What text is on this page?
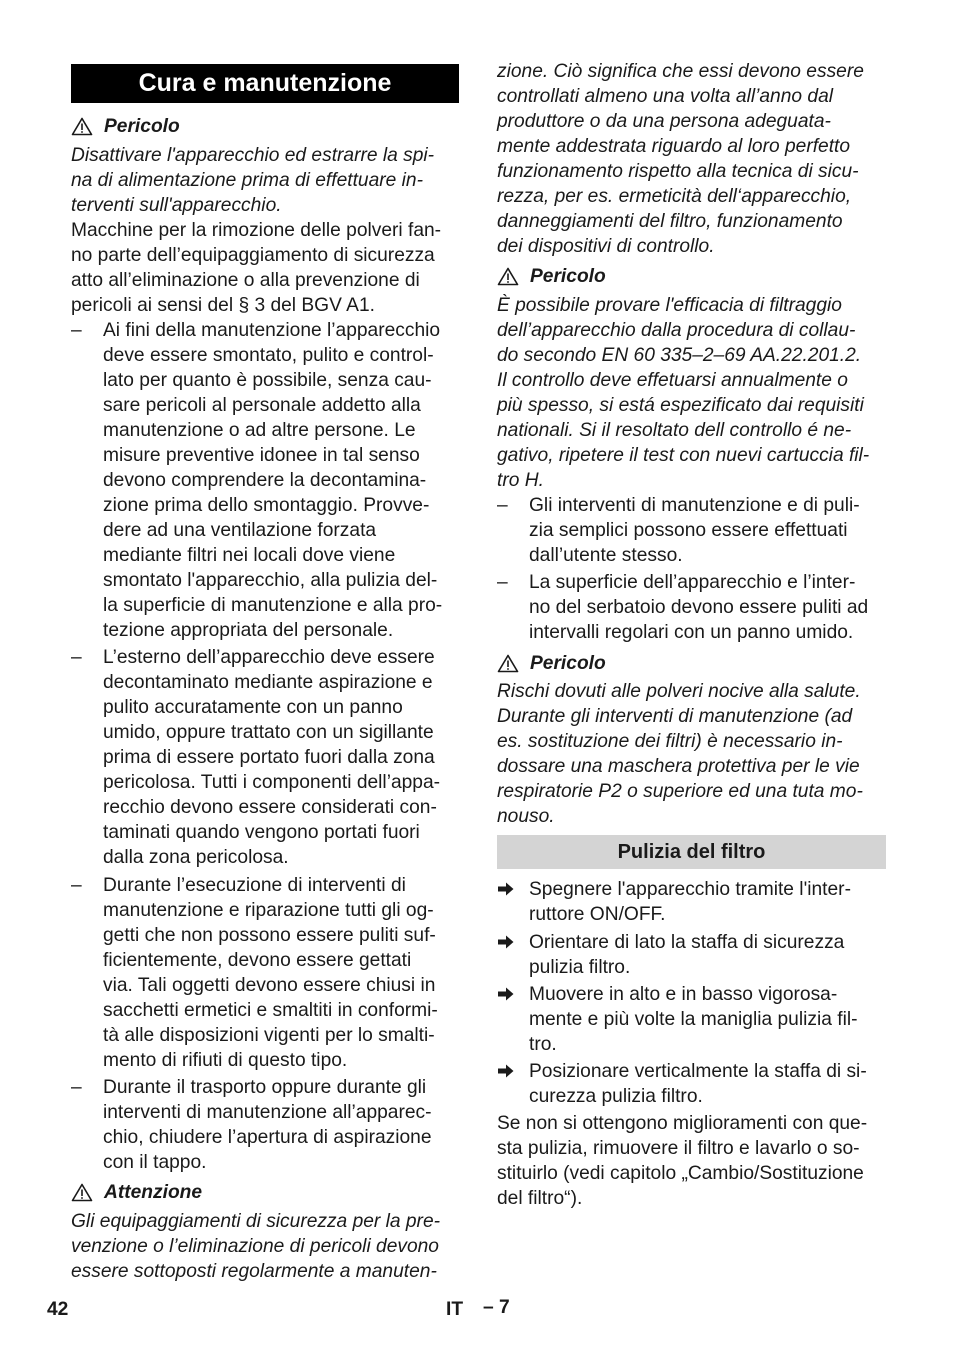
Cura e manutenzione
Pericolo

Disattivare l'apparecchio ed estrarre la spi-
na di alimentazione prima di effettuare in-
terventi sull'apparecchio.

Macchine per la rimozione delle polveri fan-
no parte dell’equipaggiamento di sicurezza
atto all’eliminazione o alla prevenzione di
pericoli ai sensi del § 3 del BGV A1.

– Ai fini della manutenzione l’apparecchio
deve essere smontato, pulito e control-
lato per quanto è possibile, senza cau-
sare pericoli al personale addetto alla
manutenzione o ad altre persone. Le
misure preventive idonee in tal senso
devono comprendere la decontamina-
zione prima dello smontaggio. Provve-
dere ad una ventilazione forzata
mediante filtri nei locali dove viene
smontato l'apparecchio, alla pulizia del-
la superficie di manutenzione e alla pro-
tezione appropriata del personale.

– L’esterno dell’apparecchio deve essere
decontaminato mediante aspirazione e
pulito accuratamente con un panno
umido, oppure trattato con un sigillante
prima di essere portato fuori dalla zona
pericolosa. Tutti i componenti dell’appa-
recchio devono essere considerati con-
taminati quando vengono portati fuori
dalla zona pericolosa.

– Durante l’esecuzione di interventi di
manutenzione e riparazione tutti gli og-
getti che non possono essere puliti suf-
ficientemente, devono essere gettati
via. Tali oggetti devono essere chiusi in
sacchetti ermetici e smaltiti in conformi-
tà alle disposizioni vigenti per lo smalti-
mento di rifiuti di questo tipo.

– Durante il trasporto oppure durante gli
interventi di manutenzione all’apparec-
chio, chiudere l’apertura di aspirazione
con il tappo.

Attenzione

Gli equipaggiamenti di sicurezza per la pre-
venzione o l’eliminazione di pericoli devono
essere sottoposti regolarmente a manuten-

zione. Ciò significa che essi devono essere
controllati almeno una volta all’anno dal
produttore o da una persona adeguata-
mente addestrata riguardo al loro perfetto
funzionamento rispetto alla tecnica di sicu-
rezza, per es. ermeticità dell‘apparecchio,
danneggiamenti del filtro, funzionamento
dei dispositivi di controllo.

Pericolo

È possibile provare l'efficacia di filtraggio
dell’apparecchio dalla procedura di collau-
do secondo EN 60 335–2–69 AA.22.201.2.
Il controllo deve effetuarsi annualmente o
più spesso, si está espezificato dai requisiti
nationali. Si il resoltato dell controllo é ne-
gativo, ripetere il test con nuevi cartuccia fil-
tro H.

– Gli interventi di manutenzione e di puli-
zia semplici possono essere effettuati
dall’utente stesso.

– La superficie dell’apparecchio e l’inter-
no del serbatoio devono essere puliti ad
intervalli regolari con un panno umido.

Pericolo

Rischi dovuti alle polveri nocive alla salute.
Durante gli interventi di manutenzione (ad
es. sostituzione dei filtri) è necessario in-
dossare una maschera protettiva per le vie
respiratorie P2 o superiore ed una tuta mo-
nouso.

Pulizia del filtro

Spegnere l'apparecchio tramite l'inter-
ruttore ON/OFF.

Orientare di lato la staffa di sicurezza
pulizia filtro.

Muovere in alto e in basso vigorosa-
mente e più volte la maniglia pulizia fil-
tro.

Posizionare verticalmente la staffa di si-
curezza pulizia filtro.

Se non si ottengono miglioramenti con que-
sta pulizia, rimuovere il filtro e lavarlo o so-
stituirlo (vedi capitolo „Cambio/Sostituzione
del filtro“).

42	IT – 7
